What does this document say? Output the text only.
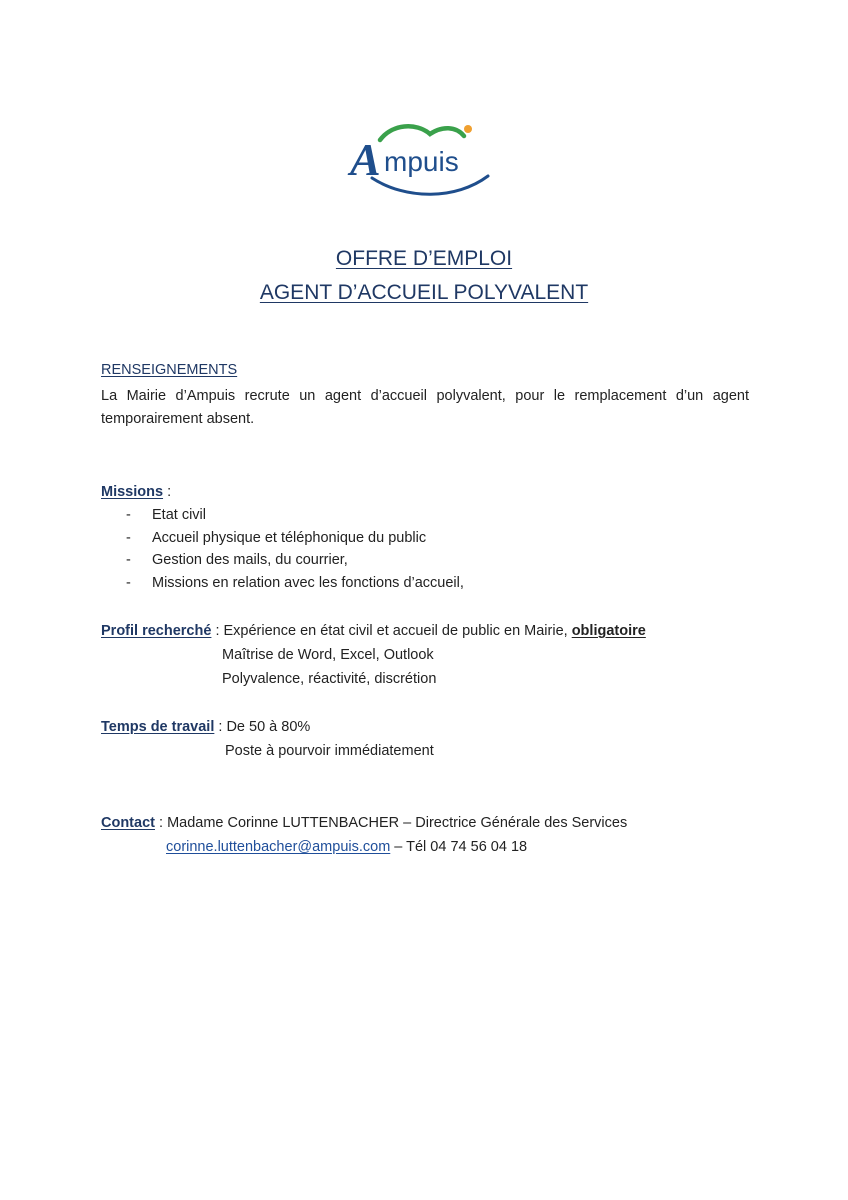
A mpuis
OFFRE D’EMPLOI
AGENT D’ACCUEIL POLYVALENT
RENSEIGNEMENTS
La Mairie d’Ampuis recrute un agent d’accueil polyvalent, pour le remplacement d’un agent temporairement absent.
Missions :
- Etat civil
- Accueil physique et téléphonique du public
- Gestion des mails, du courrier,
- Missions en relation avec les fonctions d’accueil,
Profil recherché : Expérience en état civil et accueil de public en Mairie, obligatoire
Maîtrise de Word, Excel, Outlook
Polyvalence, réactivité, discrétion
Temps de travail : De 50 à 80%
Poste à pourvoir immédiatement
Contact : Madame Corinne LUTTENBACHER – Directrice Générale des Services
corinne.luttenbacher@ampuis.com – Tél 04 74 56 04 18
